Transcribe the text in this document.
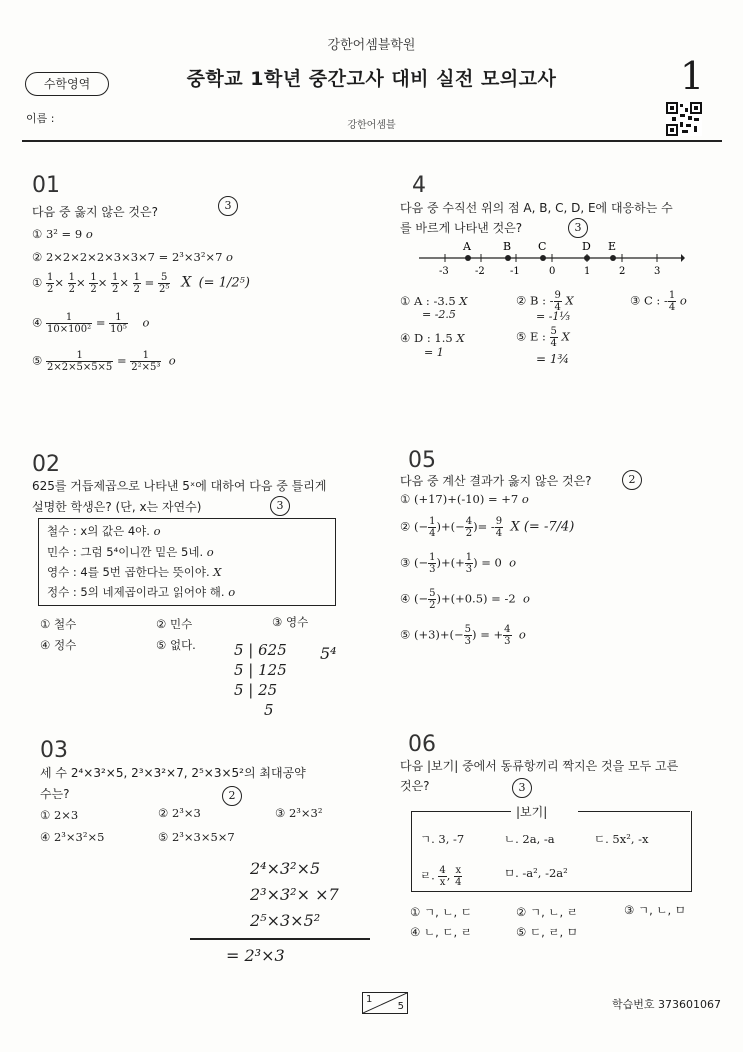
강한어셈블학원
수학영역	중학교 1학년 중간고사 대비 실전 모의고사	1
이름 :
강한어셈블
01
다음 중 옳지 않은 것은?	3
① 3² = 9 o
② 2×2×2×2×3×3×7 = 2³×3²×7 o
① $\frac{1}{2} \times \frac{1}{2} \times \frac{1}{2} \times \frac{1}{2} \times \frac{1}{2} = \frac{5}{\text{2⁵}}$ X (= 1/2⁵)
④ $\frac{1}{\text{10×100²}} = \frac{1}{\text{10⁵}}$ o
⑤ $\frac{1}{2\times 2\times 5\times 5\times 5} = \frac{1}{\text{2²×5³}}$ o
02
625를 거듭제곱으로 나타낸 5ˣ에 대하여 다음 중 틀리게
설명한 학생은? (단, x는 자연수)	3
철수 : x의 값은 4야. o
민수 : 그럼 5⁴이니깐 밑은 5네. o
영수 : 4를 5번 곱한다는 뜻이야. X
정수 : 5의 네제곱이라고 읽어야 해. o
① 철수	② 민수	③ 영수
④ 정수	⑤ 없다.	5 | 625
5 | 125
5 | 25
5
5⁴
03
세 수 2⁴×3²×5, 2³×3²×7, 2⁵×3×5²의 최대공약
수는?	2
① 2×3	② 2³×3	③ 2³×3²
④ 2³×3²×5	⑤ 2³×3×5×7
2⁴×3²×5
2³×3²× ×7
2⁵×3×5²
= 2³×3
4
다음 중 수직선 위의 점 A, B, C, D, E에 대응하는 수
를 바르게 나타낸 것은?	3
A	B C	D E
-3	-2	-1	0	1	2	3
① A : -3.5 X
= -2.5
② B : - $\frac{9}{4}$ X
= -1⅓
③ C : - $\frac{1}{4}$ o
④ D : 1.5 X
= 1
⑤ E : $\frac{5}{4}$ X
= 1¾
05
다음 중 계산 결과가 옳지 않은 것은?	2
① (+17)+(-10) = +7 o
② (− $\frac{1}{4}$ )+(− $\frac{4}{2}$ )= - $\frac{9}{4}$ X (= -7/4)
③ (− $\frac{1}{3}$ )+(+ $\frac{1}{3}$ ) = 0 o
④ (− $\frac{5}{2} )+(+0.5) = -2$ o
⑤ $(+3)+(- \frac{5}{3}$ ) = + $\frac{4}{3}$ o
06
다음 |보기| 중에서 동류항끼리 짝지은 것을 모두 고른
것은?	3
|보기|
ㄱ. 3, -7	ㄴ. 2a, -a	ㄷ. 5x², -x
ㄹ. $\frac{4}{x}$ , $\frac{x}{4}$	ㅁ. -a², -2a²
① ㄱ, ㄴ, ㄷ	② ㄱ, ㄴ, ㄹ	③ ㄱ, ㄴ, ㅁ
④ ㄴ, ㄷ, ㄹ	⑤ ㄷ, ㄹ, ㅁ
1
5	학습번호 373601067
